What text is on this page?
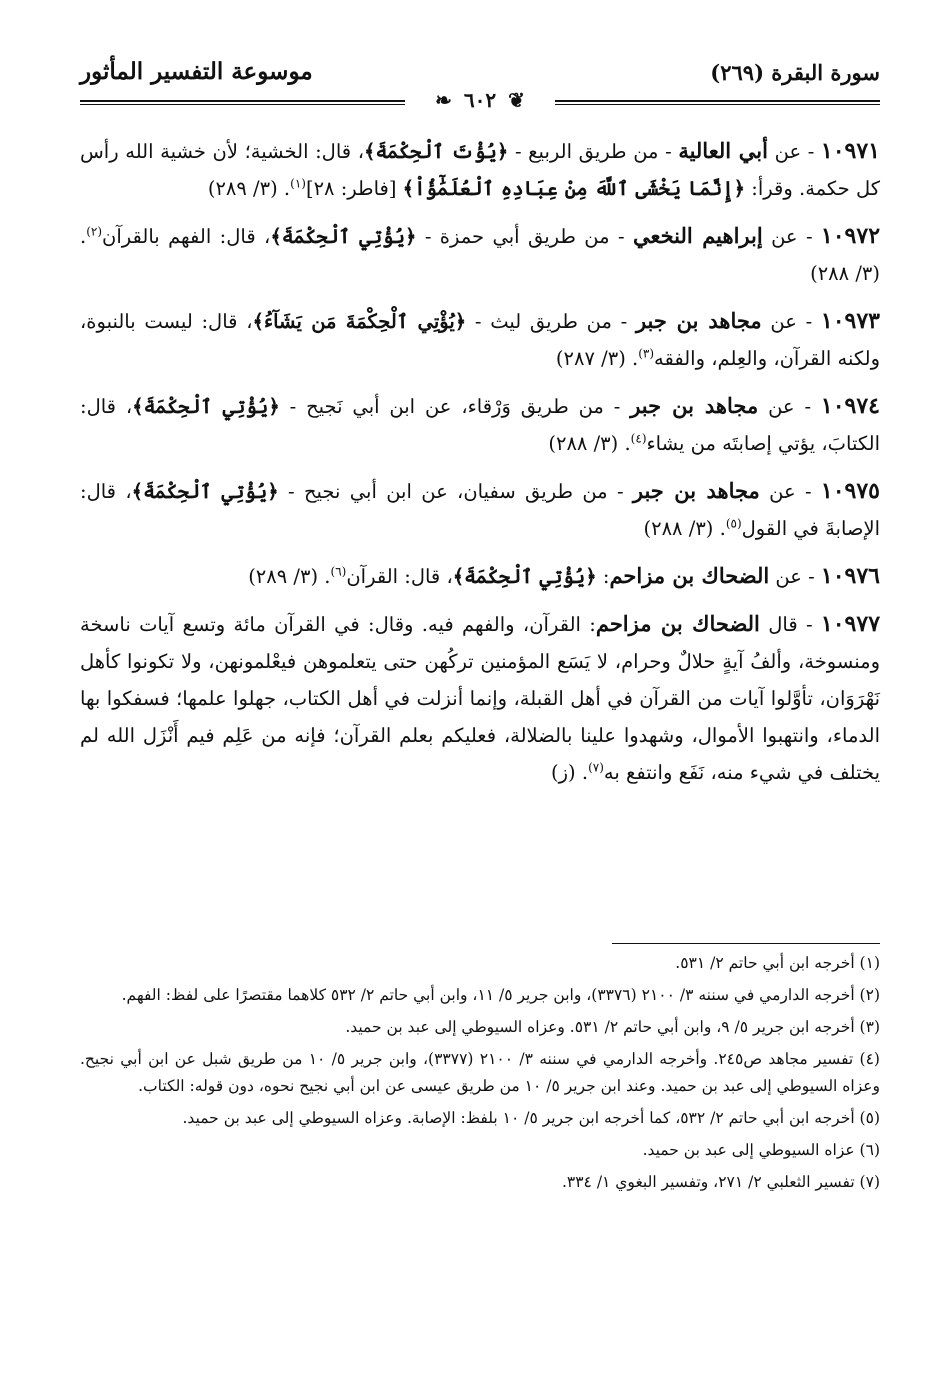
موسوعة التفسير المأثور	سورة البقرة (٢٦٩)
❦٦٠٢❧

١٠٩٧١ - عن أبي العالية - من طريق الربيع - ﴿يُؤْتَ ٱلْحِكْمَةَ﴾، قال: الخشية؛ لأن خشية الله رأس كل حكمة. وقرأ: ﴿إِنَّمَا يَخْشَى ٱللَّهَ مِنْ عِبَادِهِ ٱلْعُلَمَٰٓؤُاْ﴾ [فاطر: ٢٨]$^{(١)}$. (٣/ ٢٨٩)

١٠٩٧٢ - عن إبراهيم النخعي - من طريق أبي حمزة - ﴿يُؤْتِي ٱلْحِكْمَةَ﴾، قال: الفهم بالقرآن$^{(٢)}$. (٣/ ٢٨٨)

١٠٩٧٣ - عن مجاهد بن جبر - من طريق ليث - ﴿يُؤْتِي ٱلْحِكْمَةَ مَن يَشَآءُ﴾، قال: ليست بالنبوة، ولكنه القرآن، والعِلم، والفقه$^{(٣)}$. (٣/ ٢٨٧)

١٠٩٧٤ - عن مجاهد بن جبر - من طريق وَرْقاء، عن ابن أبي نَجيح - ﴿يُؤْتِي ٱلْحِكْمَةَ﴾، قال: الكتابَ، يؤتي إصابتَه من يشاء$^{(٤)}$. (٣/ ٢٨٨)

١٠٩٧٥ - عن مجاهد بن جبر - من طريق سفيان، عن ابن أبي نجيح - ﴿يُؤْتِي ٱلْحِكْمَةَ﴾، قال: الإصابةَ في القول$^{(٥)}$. (٣/ ٢٨٨)

١٠٩٧٦ - عن الضحاك بن مزاحم: ﴿يُؤْتِي ٱلْحِكْمَةَ﴾، قال: القرآن$^{(٦)}$. (٣/ ٢٨٩)

١٠٩٧٧ - قال الضحاك بن مزاحم: القرآن، والفهم فيه. وقال: في القرآن مائة وتسع آيات ناسخة ومنسوخة، وألفُ آيةٍ حلالٌ وحرام، لا يَسَع المؤمنين تركُهن حتى يتعلموهن فيعْلمونهن، ولا تكونوا كأهل نَهْرَوَان، تأوَّلوا آيات من القرآن في أهل القبلة، وإنما أنزلت في أهل الكتاب، جهلوا علمها؛ فسفكوا بها الدماء، وانتهبوا الأموال، وشهدوا علينا بالضلالة، فعليكم بعلم القرآن؛ فإنه من عَلِم فيم أَنْزَل الله لم يختلف في شيء منه، نَفَع وانتفع به$^{(٧)}$. (ز)

(١) أخرجه ابن أبي حاتم ٢/ ٥٣١.

(٢) أخرجه الدارمي في سننه ٣/ ٢١٠٠ (٣٣٧٦)، وابن جرير ٥/ ١١، وابن أبي حاتم ٢/ ٥٣٢ كلاهما مقتصرًا على لفظ: الفهم.

(٣) أخرجه ابن جرير ٥/ ٩، وابن أبي حاتم ٢/ ٥٣١. وعزاه السيوطي إلى عبد بن حميد.

(٤) تفسير مجاهد ص٢٤٥. وأخرجه الدارمي في سننه ٣/ ٢١٠٠ (٣٣٧٧)، وابن جرير ٥/ ١٠ من طريق شبل عن ابن أبي نجيح. وعزاه السيوطي إلى عبد بن حميد. وعند ابن جرير ٥/ ١٠ من طريق عيسى عن ابن أبي نجيح نحوه، دون قوله: الكتاب.

(٥) أخرجه ابن أبي حاتم ٢/ ٥٣٢، كما أخرجه ابن جرير ٥/ ١٠ بلفظ: الإصابة. وعزاه السيوطي إلى عبد بن حميد.

(٦) عزاه السيوطي إلى عبد بن حميد.

(٧) تفسير الثعلبي ٢/ ٢٧١، وتفسير البغوي ١/ ٣٣٤.
